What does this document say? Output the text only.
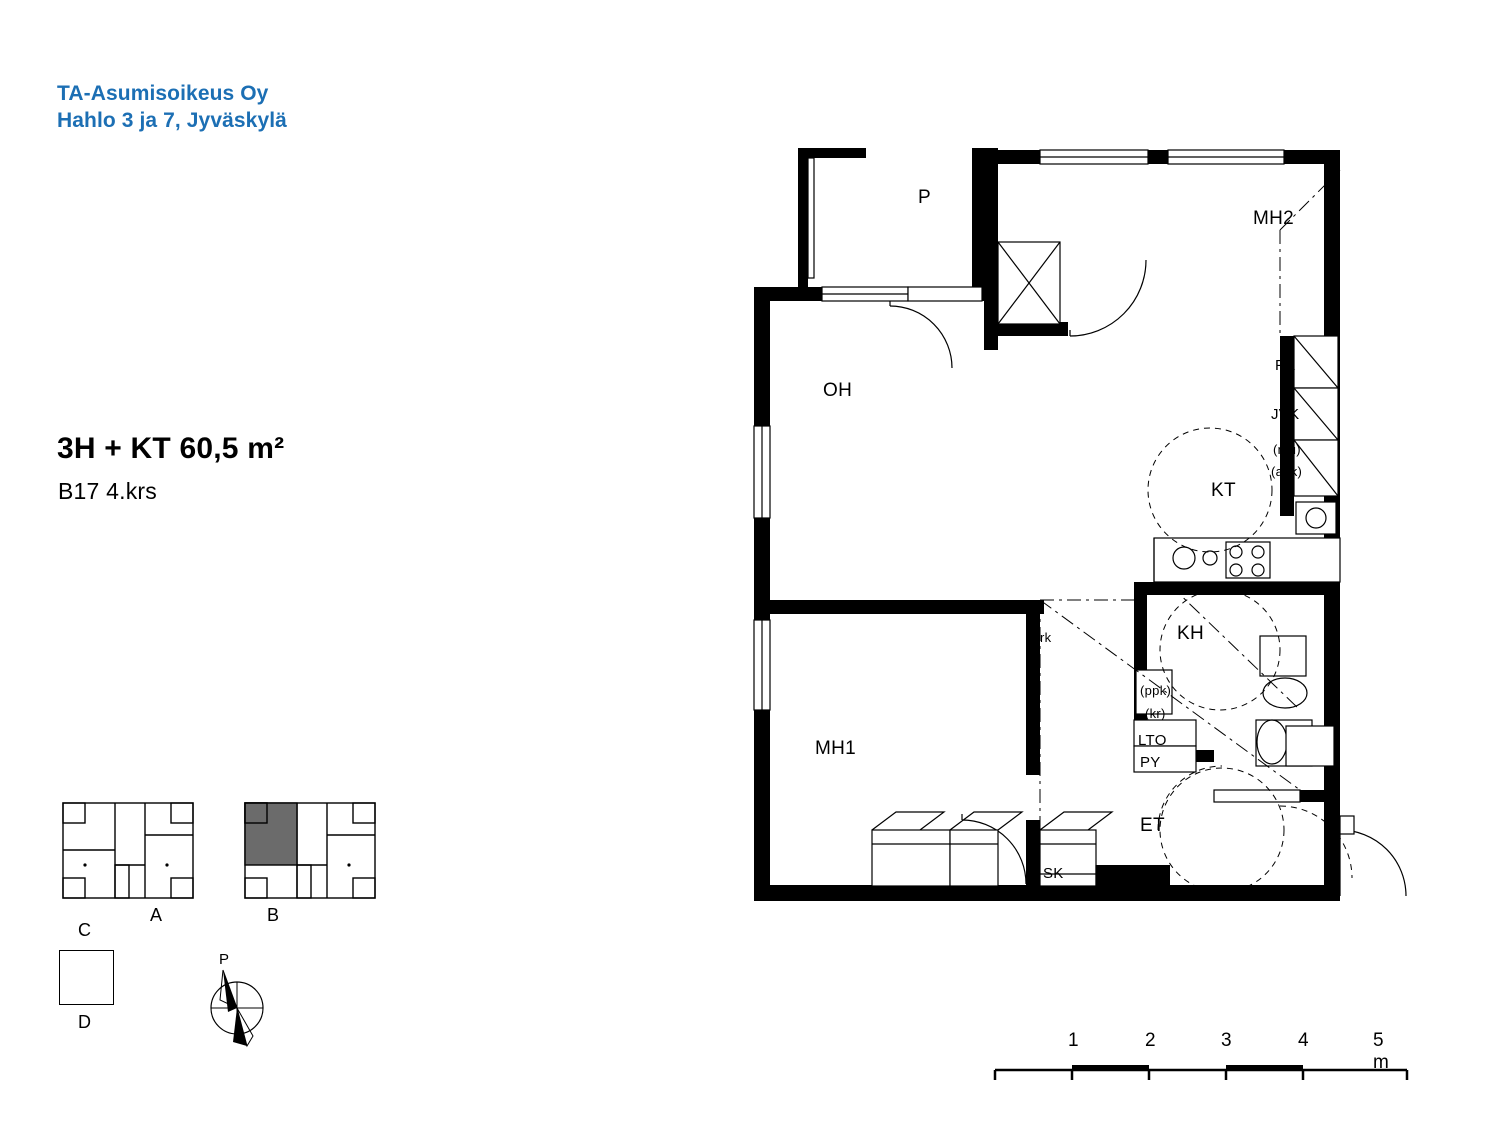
TA-Asumisoikeus Oy
Hahlo 3 ja 7, Jyväskylä
3H + KT 60,5 m²
B17 4.krs
A	B
C
D
P
1	2	3	4	5 m
P
MH2
OH
KT
PK
JVK
(mu)
(apk)
KH
(ppk)
(kr)
LTO
PY
MH1
rk
ET
SK	NA
